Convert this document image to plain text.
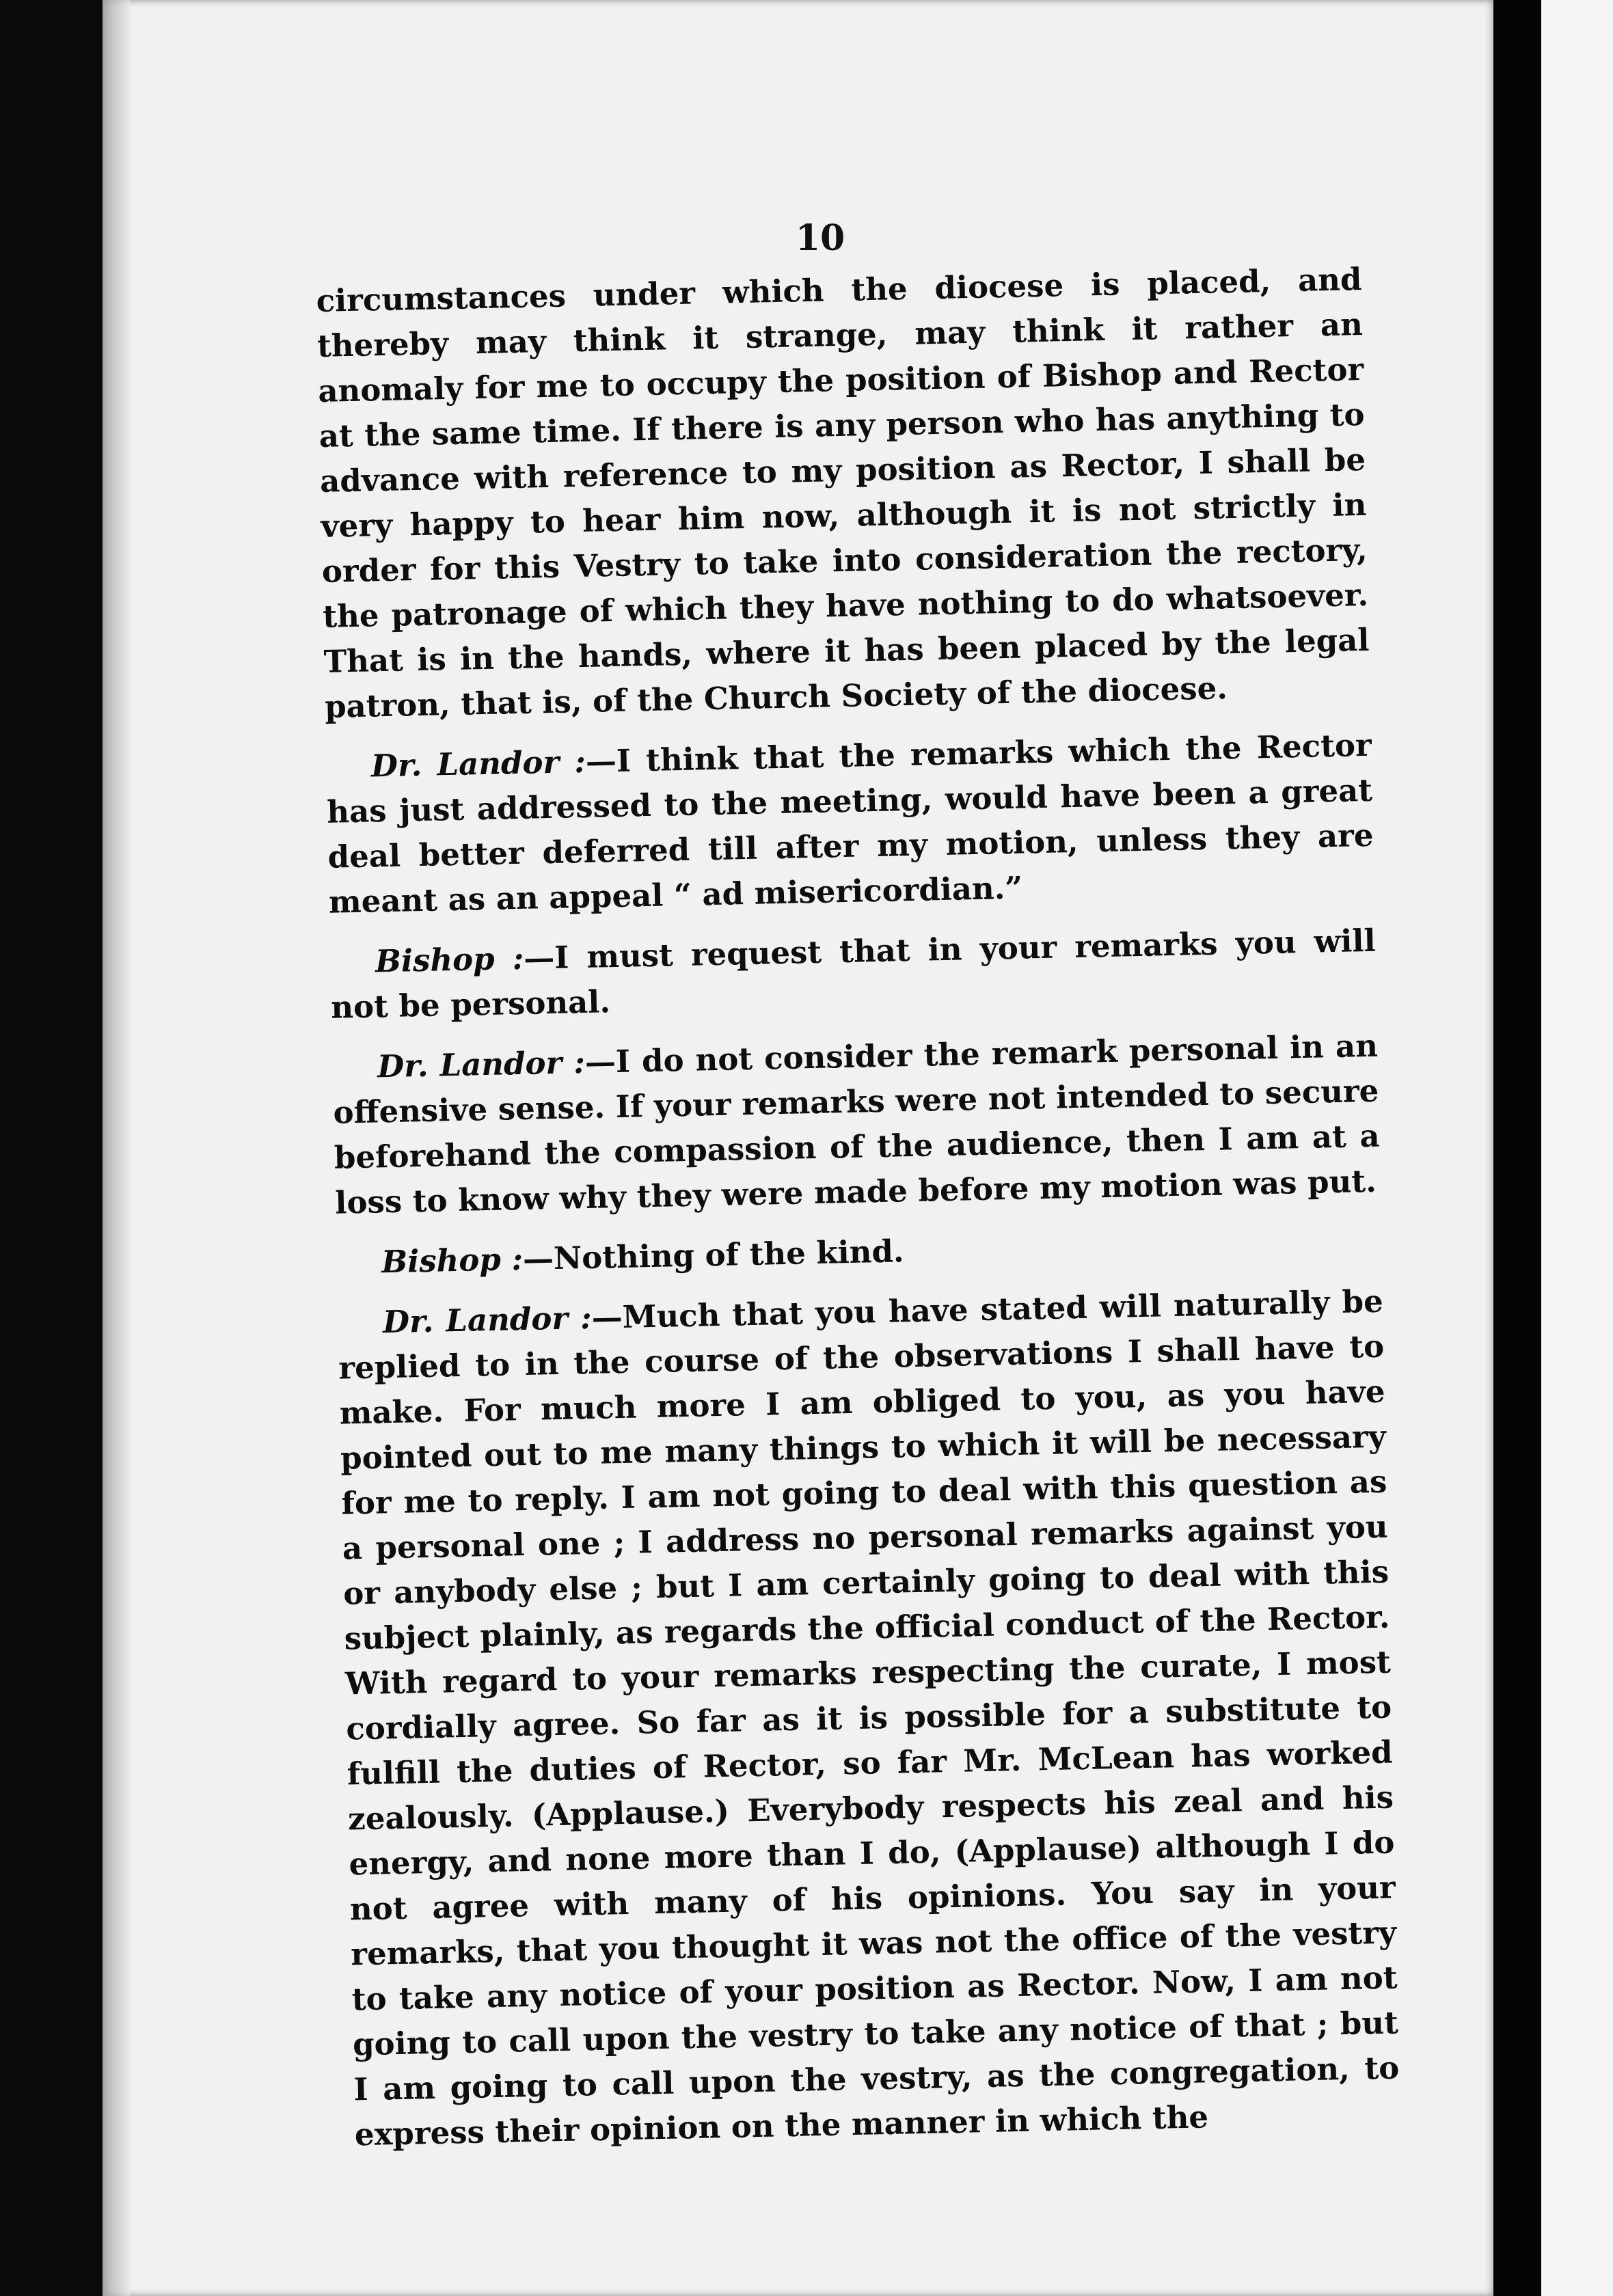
10

circumstances under which the diocese is placed, and thereby may think it strange, may think it rather an anomaly for me to occupy the position of Bishop and Rector at the same time. If there is any person who has anything to advance with reference to my position as Rector, I shall be very happy to hear him now, although it is not strictly in order for this Vestry to take into consideration the rectory, the patronage of which they have nothing to do whatsoever. That is in the hands, where it has been placed by the legal patron, that is, of the Church Society of the diocese.

Dr. Landor :—I think that the remarks which the Rector has just addressed to the meeting, would have been a great deal better deferred till after my motion, unless they are meant as an appeal “ ad misericordian.”

Bishop :—I must request that in your remarks you will not be personal.

Dr. Landor :—I do not consider the remark personal in an offensive sense. If your remarks were not intended to secure beforehand the compassion of the audience, then I am at a loss to know why they were made before my motion was put.

Bishop :—Nothing of the kind.

Dr. Landor :—Much that you have stated will naturally be replied to in the course of the observations I shall have to make. For much more I am obliged to you, as you have pointed out to me many things to which it will be necessary for me to reply. I am not going to deal with this question as a personal one ; I address no personal remarks against you or anybody else ; but I am certainly going to deal with this subject plainly, as regards the official conduct of the Rector. With regard to your remarks respecting the curate, I most cordially agree. So far as it is possible for a substitute to fulfill the duties of Rector, so far Mr. McLean has worked zealously. (Applause.) Everybody respects his zeal and his energy, and none more than I do, (Applause) although I do not agree with many of his opinions. You say in your remarks, that you thought it was not the office of the vestry to take any notice of your position as Rector. Now, I am not going to call upon the vestry to take any notice of that ; but I am going to call upon the vestry, as the congregation, to express their opinion on the manner in which the
